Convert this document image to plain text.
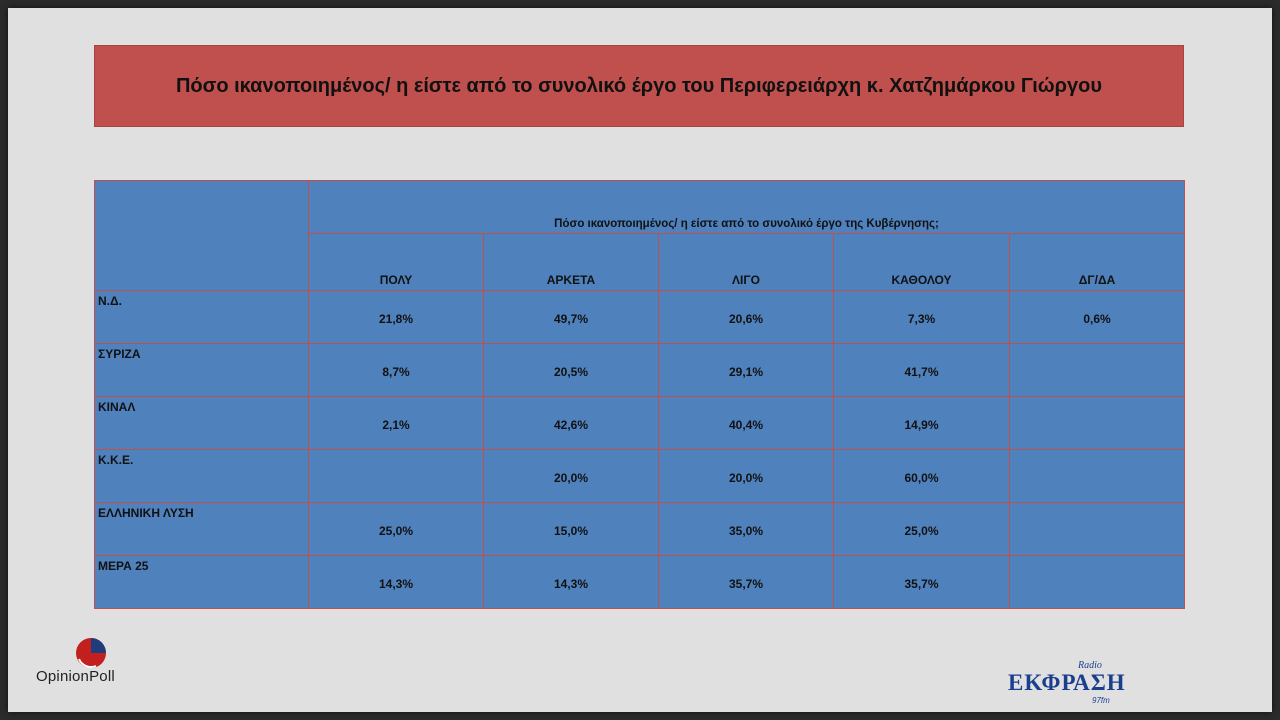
Πόσο ικανοποιημένος/ η είστε από το συνολικό έργο του Περιφερειάρχη κ. Χατζημάρκου Γιώργου
	Πόσο ικανοποιημένος/ η είστε από το συνολικό έργο της Κυβέρνησης;				
	ΠΟΛΥ	ΑΡΚΕΤΑ	ΛΙΓΟ	ΚΑΘΟΛΟΥ	ΔΓ/ΔΑ
Ν.Δ.	21,8%	49,7%	20,6%	7,3%	0,6%
ΣΥΡΙΖΑ	8,7%	20,5%	29,1%	41,7%	
ΚΙΝΑΛ	2,1%	42,6%	40,4%	14,9%	
Κ.Κ.Ε.		20,0%	20,0%	60,0%	
ΕΛΛΗΝΙΚΗ ΛΥΣΗ	25,0%	15,0%	35,0%	25,0%	
ΜΕΡΑ 25	14,3%	14,3%	35,7%	35,7%	
OpinionPoll
Radio
ΕΚΦΡΑΣΗ
97fm
